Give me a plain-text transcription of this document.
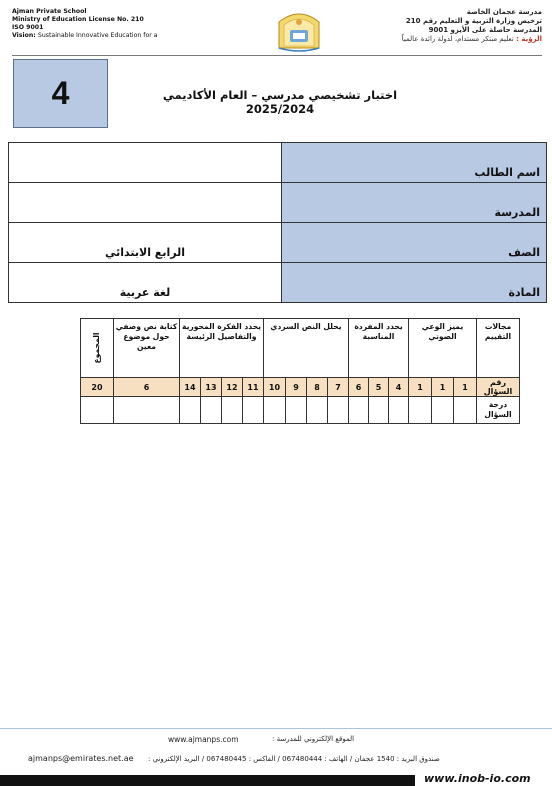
Ajman Private School
Ministry of Education License No. 210
ISO 9001
Vision: Sustainable Innovative Education for a
مدرسة عجمان الخاصة
ترخيص وزارة التربية و التعليم رقم 210
المدرسة حاصلة على الأيزو 9001
الرؤية : تعليم مبتكر مستدام، لدولة رائدة عالمياً
4	اختبار تشخيصي مدرسي – العام الأكاديمي 2025/2024
	اسم الطالب
	المدرسة
الرابع الابتدائي	الصف
لغة عربية	المادة
المجموع	كتابة نص وصفي حول موضوع معين	يحدد الفكرة المحورية والتفاصيل الرئيسة				يحلل النص السردي				يحدد المفردة المناسبة			يميز الوعي الصوتي			مجالات التقييم
20	6	14	13	12	11	10	9	8	7	6	5	4	1	1	1	رقم السؤال
																درجة السؤال
الموقع الإلكتروني للمدرسة :
www.ajmanps.com
صندوق البريد : 1540 عجمان / الهاتف : 067480444 / الفاكس : 067480445 / البريد الإلكتروني :
ajmanps@emirates.net.ae
www.inob-io.com
